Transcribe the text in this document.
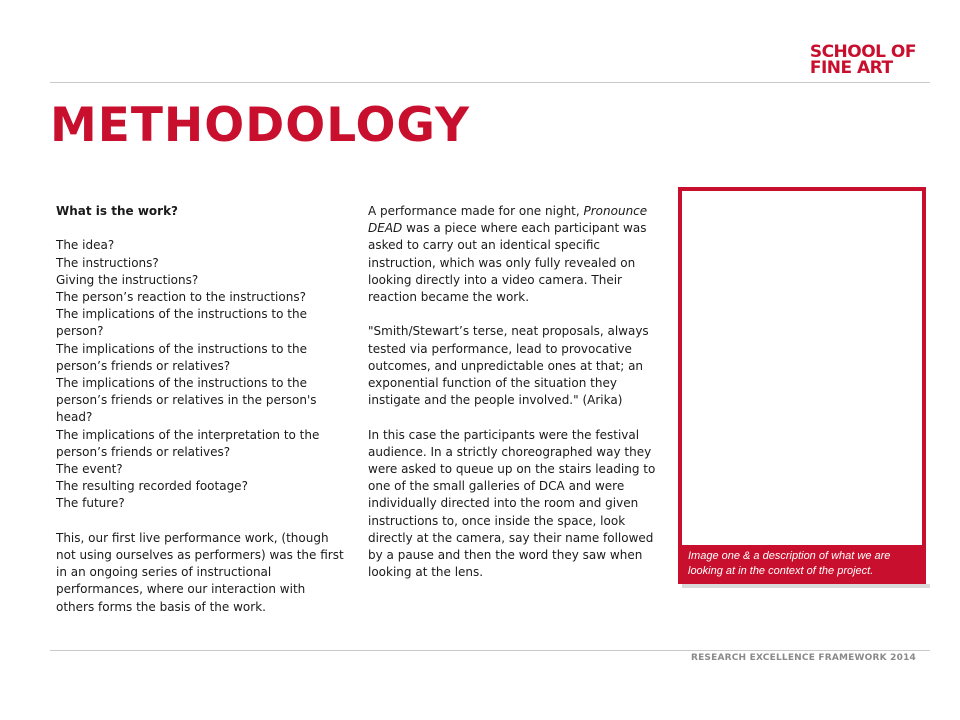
SCHOOL OF
FINE ART
METHODOLOGY

What is the work?

The idea?

The instructions?

Giving the instructions?

The person’s reaction to the instructions?

The implications of the instructions to the person?

The implications of the instructions to the person’s friends or relatives?

The implications of the instructions to the person’s friends or relatives in the person's head?

The implications of the interpretation to the person’s friends or relatives?

The event?

The resulting recorded footage?

The future?

This, our first live performance work, (though not using ourselves as performers) was the first in an ongoing series of instructional performances, where our interaction with others forms the basis of the work.

A performance made for one night, Pronounce DEAD was a piece where each participant was asked to carry out an identical specific instruction, which was only fully revealed on looking directly into a video camera. Their reaction became the work.

"Smith/Stewart’s terse, neat proposals, always tested via performance, lead to provocative outcomes, and unpredictable ones at that; an exponential function of the situation they instigate and the people involved." (Arika)

In this case the participants were the festival audience. In a strictly choreographed way they were asked to queue up on the stairs leading to one of the small galleries of DCA and were individually directed into the room and given instructions to, once inside the space, look directly at the camera, say their name followed by a pause and then the word they saw when looking at the lens.

Image one & a description of what we are looking at in the context of the project.
RESEARCH EXCELLENCE FRAMEWORK 2014
